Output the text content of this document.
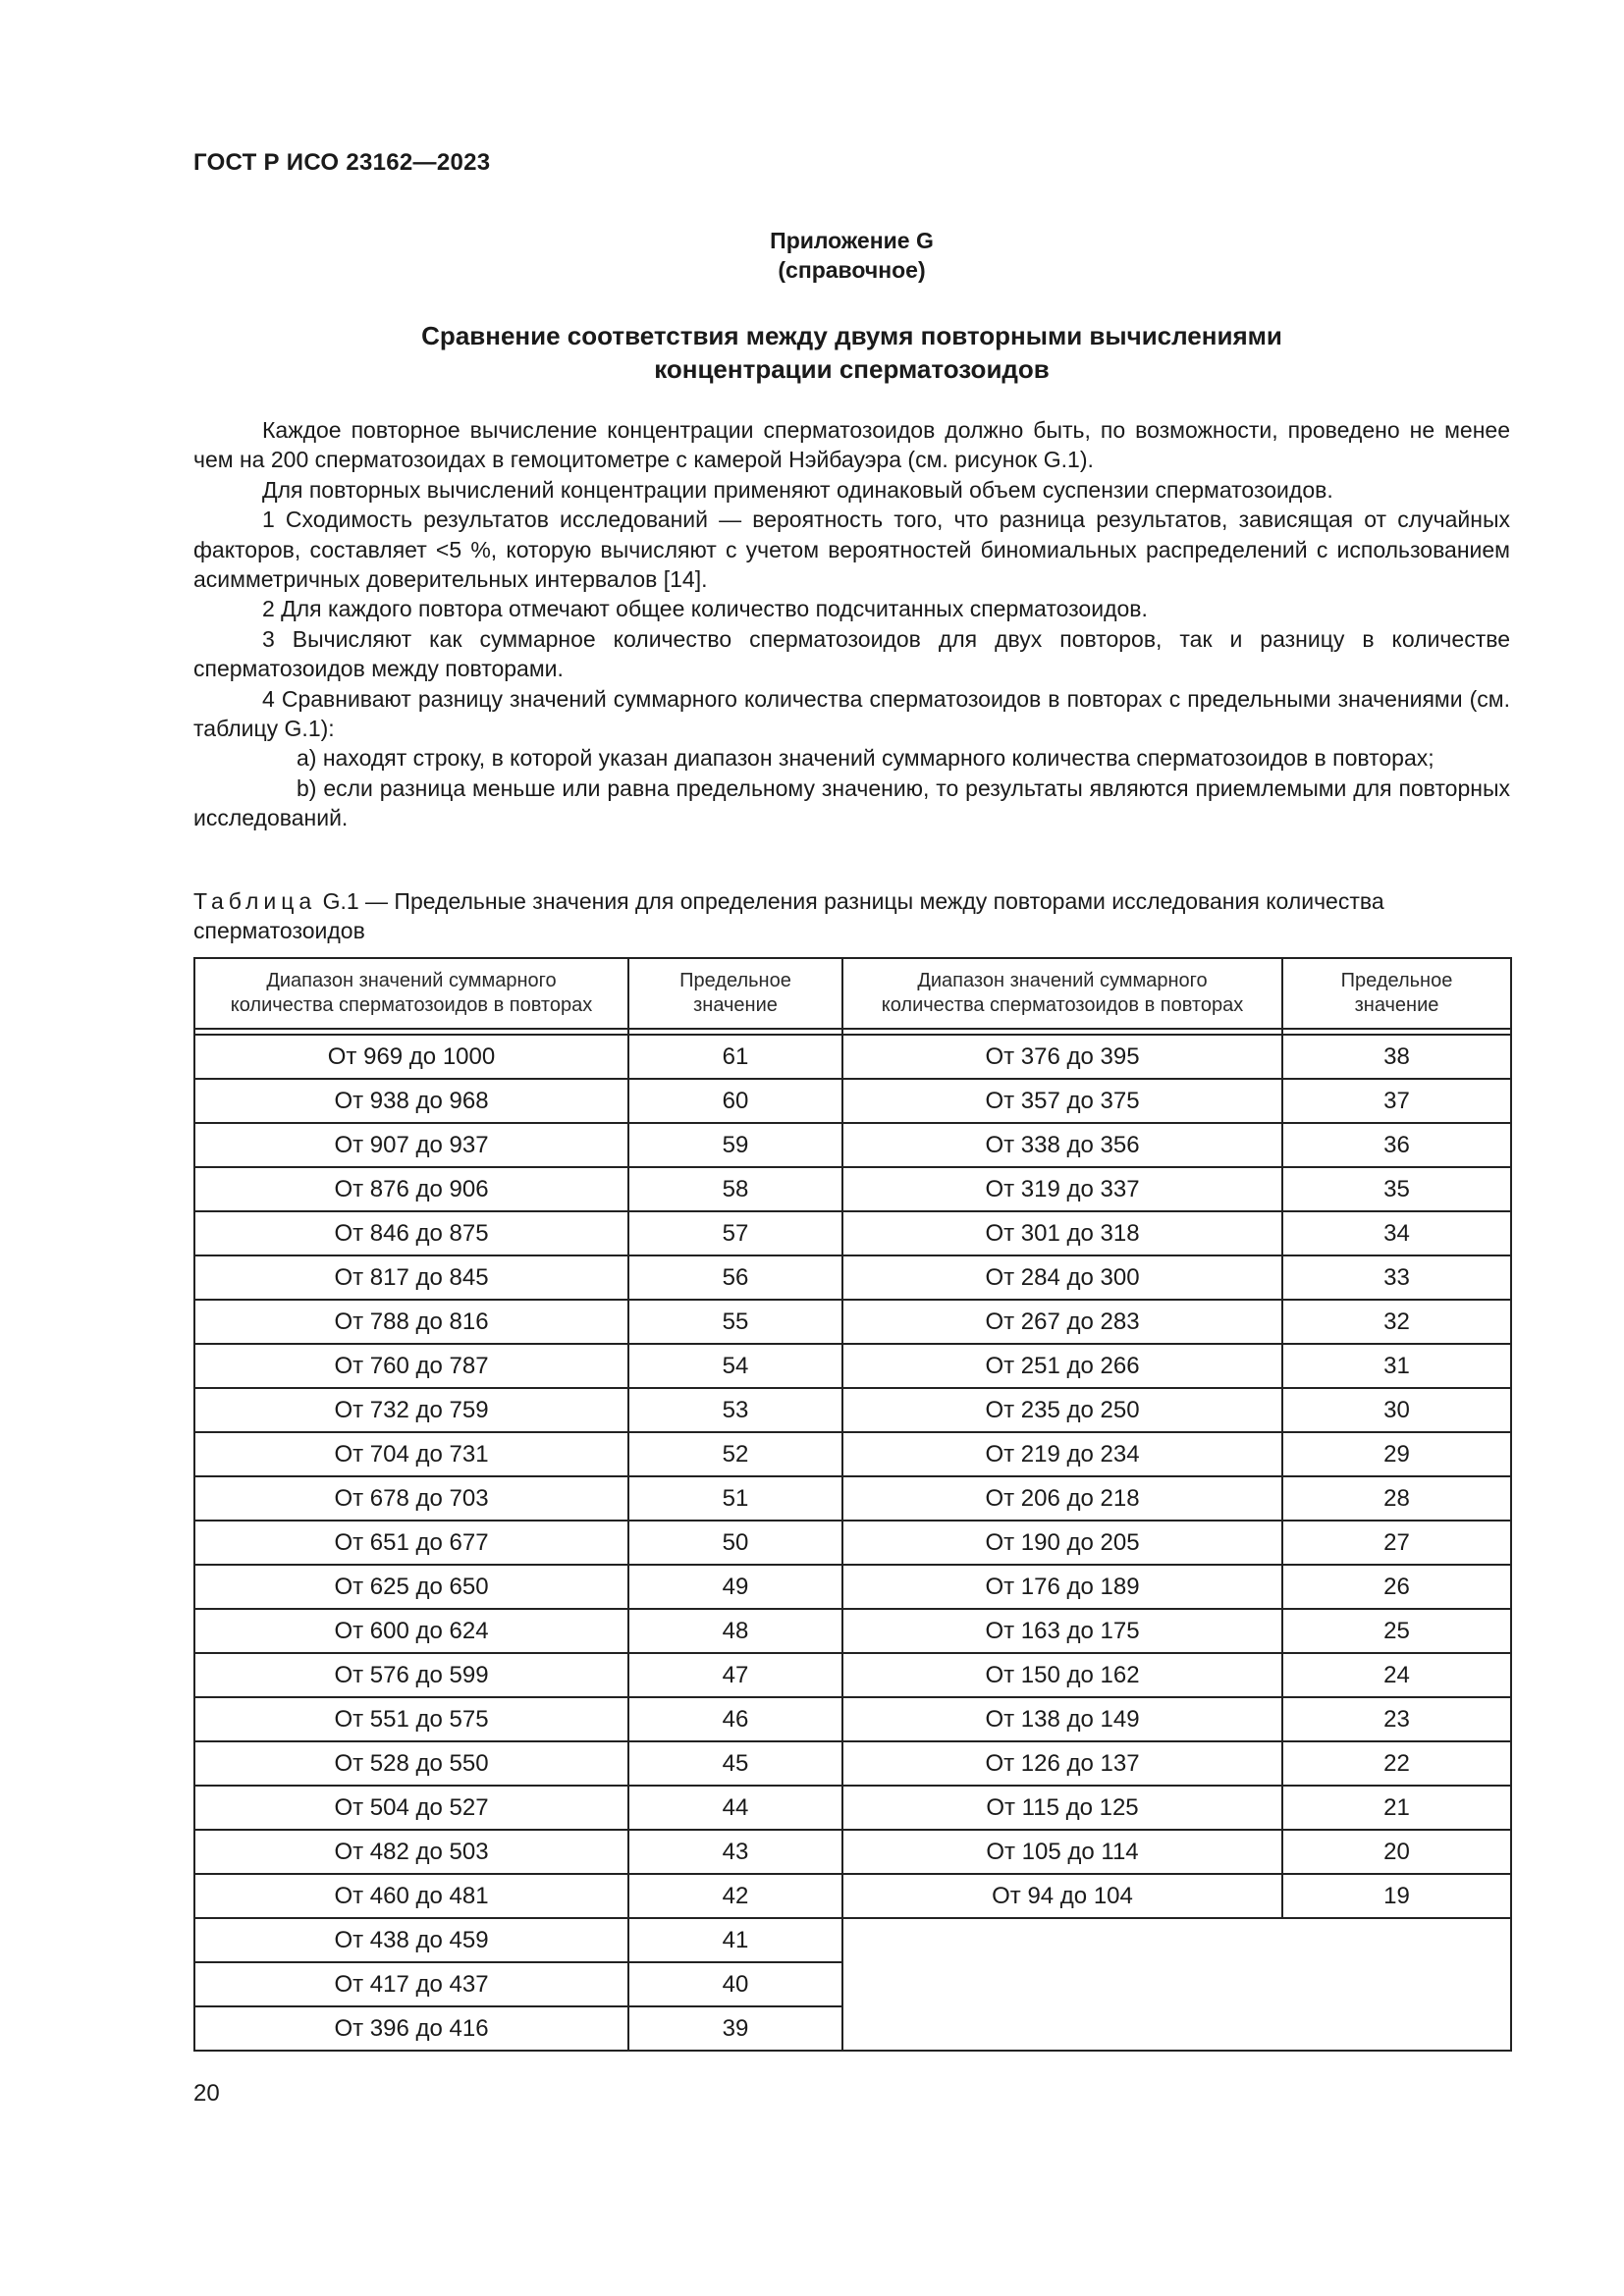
ГОСТ Р ИСО 23162—2023
Приложение G
(справочное)
Сравнение соответствия между двумя повторными вычислениями
концентрации сперматозоидов

Каждое повторное вычисление концентрации сперматозоидов должно быть, по возможности, проведено не менее чем на 200 сперматозоидах в гемоцитометре с камерой Нэйбауэра (см. рисунок G.1).

Для повторных вычислений концентрации применяют одинаковый объем суспензии сперматозоидов.

1 Сходимость результатов исследований — вероятность того, что разница результатов, зависящая от случайных факторов, составляет <5 %, которую вычисляют с учетом вероятностей биномиальных распределений с использованием асимметричных доверительных интервалов [14].

2 Для каждого повтора отмечают общее количество подсчитанных сперматозоидов.

3 Вычисляют как суммарное количество сперматозоидов для двух повторов, так и разницу в количестве сперматозоидов между повторами.

4 Сравнивают разницу значений суммарного количества сперматозоидов в повторах с предельными значениями (см. таблицу G.1):

a) находят строку, в которой указан диапазон значений суммарного количества сперматозоидов в повторах;

b) если разница меньше или равна предельному значению, то результаты являются приемлемыми для повторных исследований.

Таблица G.1 — Предельные значения для определения разницы между повторами исследования количества сперматозоидов
Диапазон значений суммарного
количества сперматозоидов в повторах	Предельное
значение	Диапазон значений суммарного
количества сперматозоидов в повторах	Предельное
значение

От 969 до 1000	61	От 376 до 395	38
От 938 до 968	60	От 357 до 375	37
От 907 до 937	59	От 338 до 356	36
От 876 до 906	58	От 319 до 337	35
От 846 до 875	57	От 301 до 318	34
От 817 до 845	56	От 284 до 300	33
От 788 до 816	55	От 267 до 283	32
От 760 до 787	54	От 251 до 266	31
От 732 до 759	53	От 235 до 250	30
От 704 до 731	52	От 219 до 234	29
От 678 до 703	51	От 206 до 218	28
От 651 до 677	50	От 190 до 205	27
От 625 до 650	49	От 176 до 189	26
От 600 до 624	48	От 163 до 175	25
От 576 до 599	47	От 150 до 162	24
От 551 до 575	46	От 138 до 149	23
От 528 до 550	45	От 126 до 137	22
От 504 до 527	44	От 115 до 125	21
От 482 до 503	43	От 105 до 114	20
От 460 до 481	42	От 94 до 104	19
От 438 до 459	41		
От 417 до 437	40		
От 396 до 416	39		
20
